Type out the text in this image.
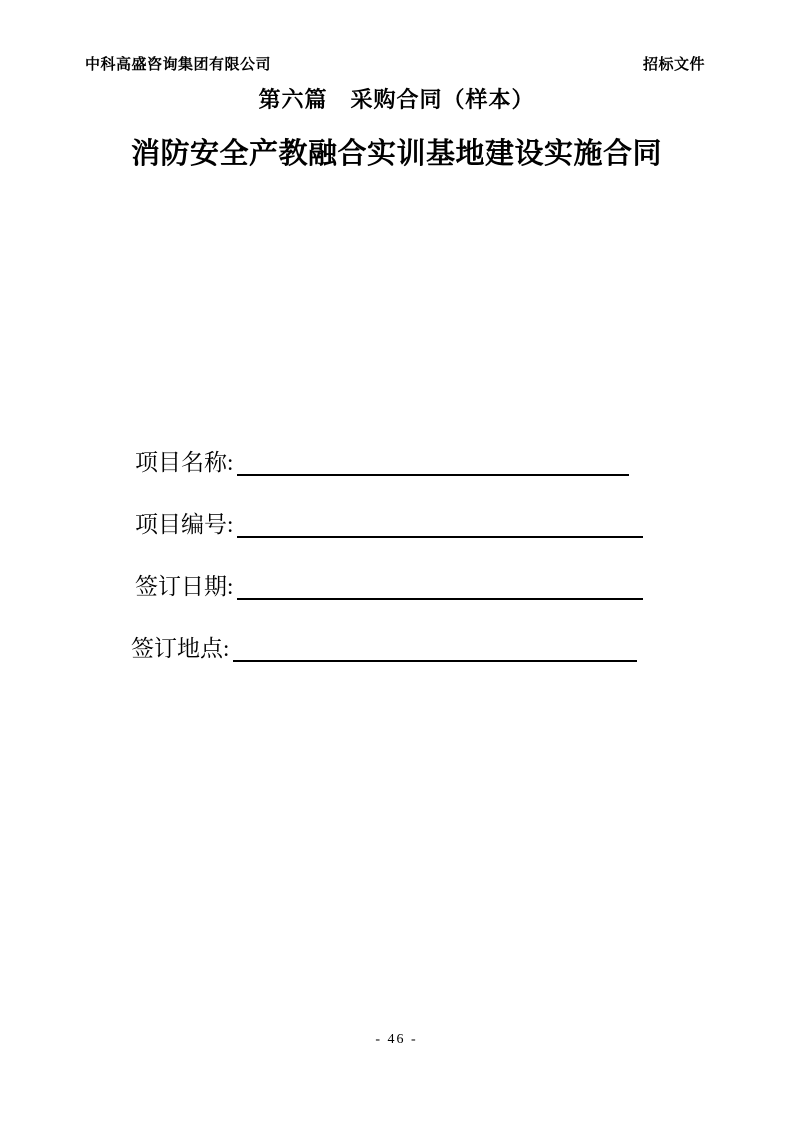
中科高盛咨询集团有限公司	招标文件
第六篇　采购合同（样本）
消防安全产教融合实训基地建设实施合同
项目名称:
项目编号:
签订日期:
签订地点:
- 46 -
